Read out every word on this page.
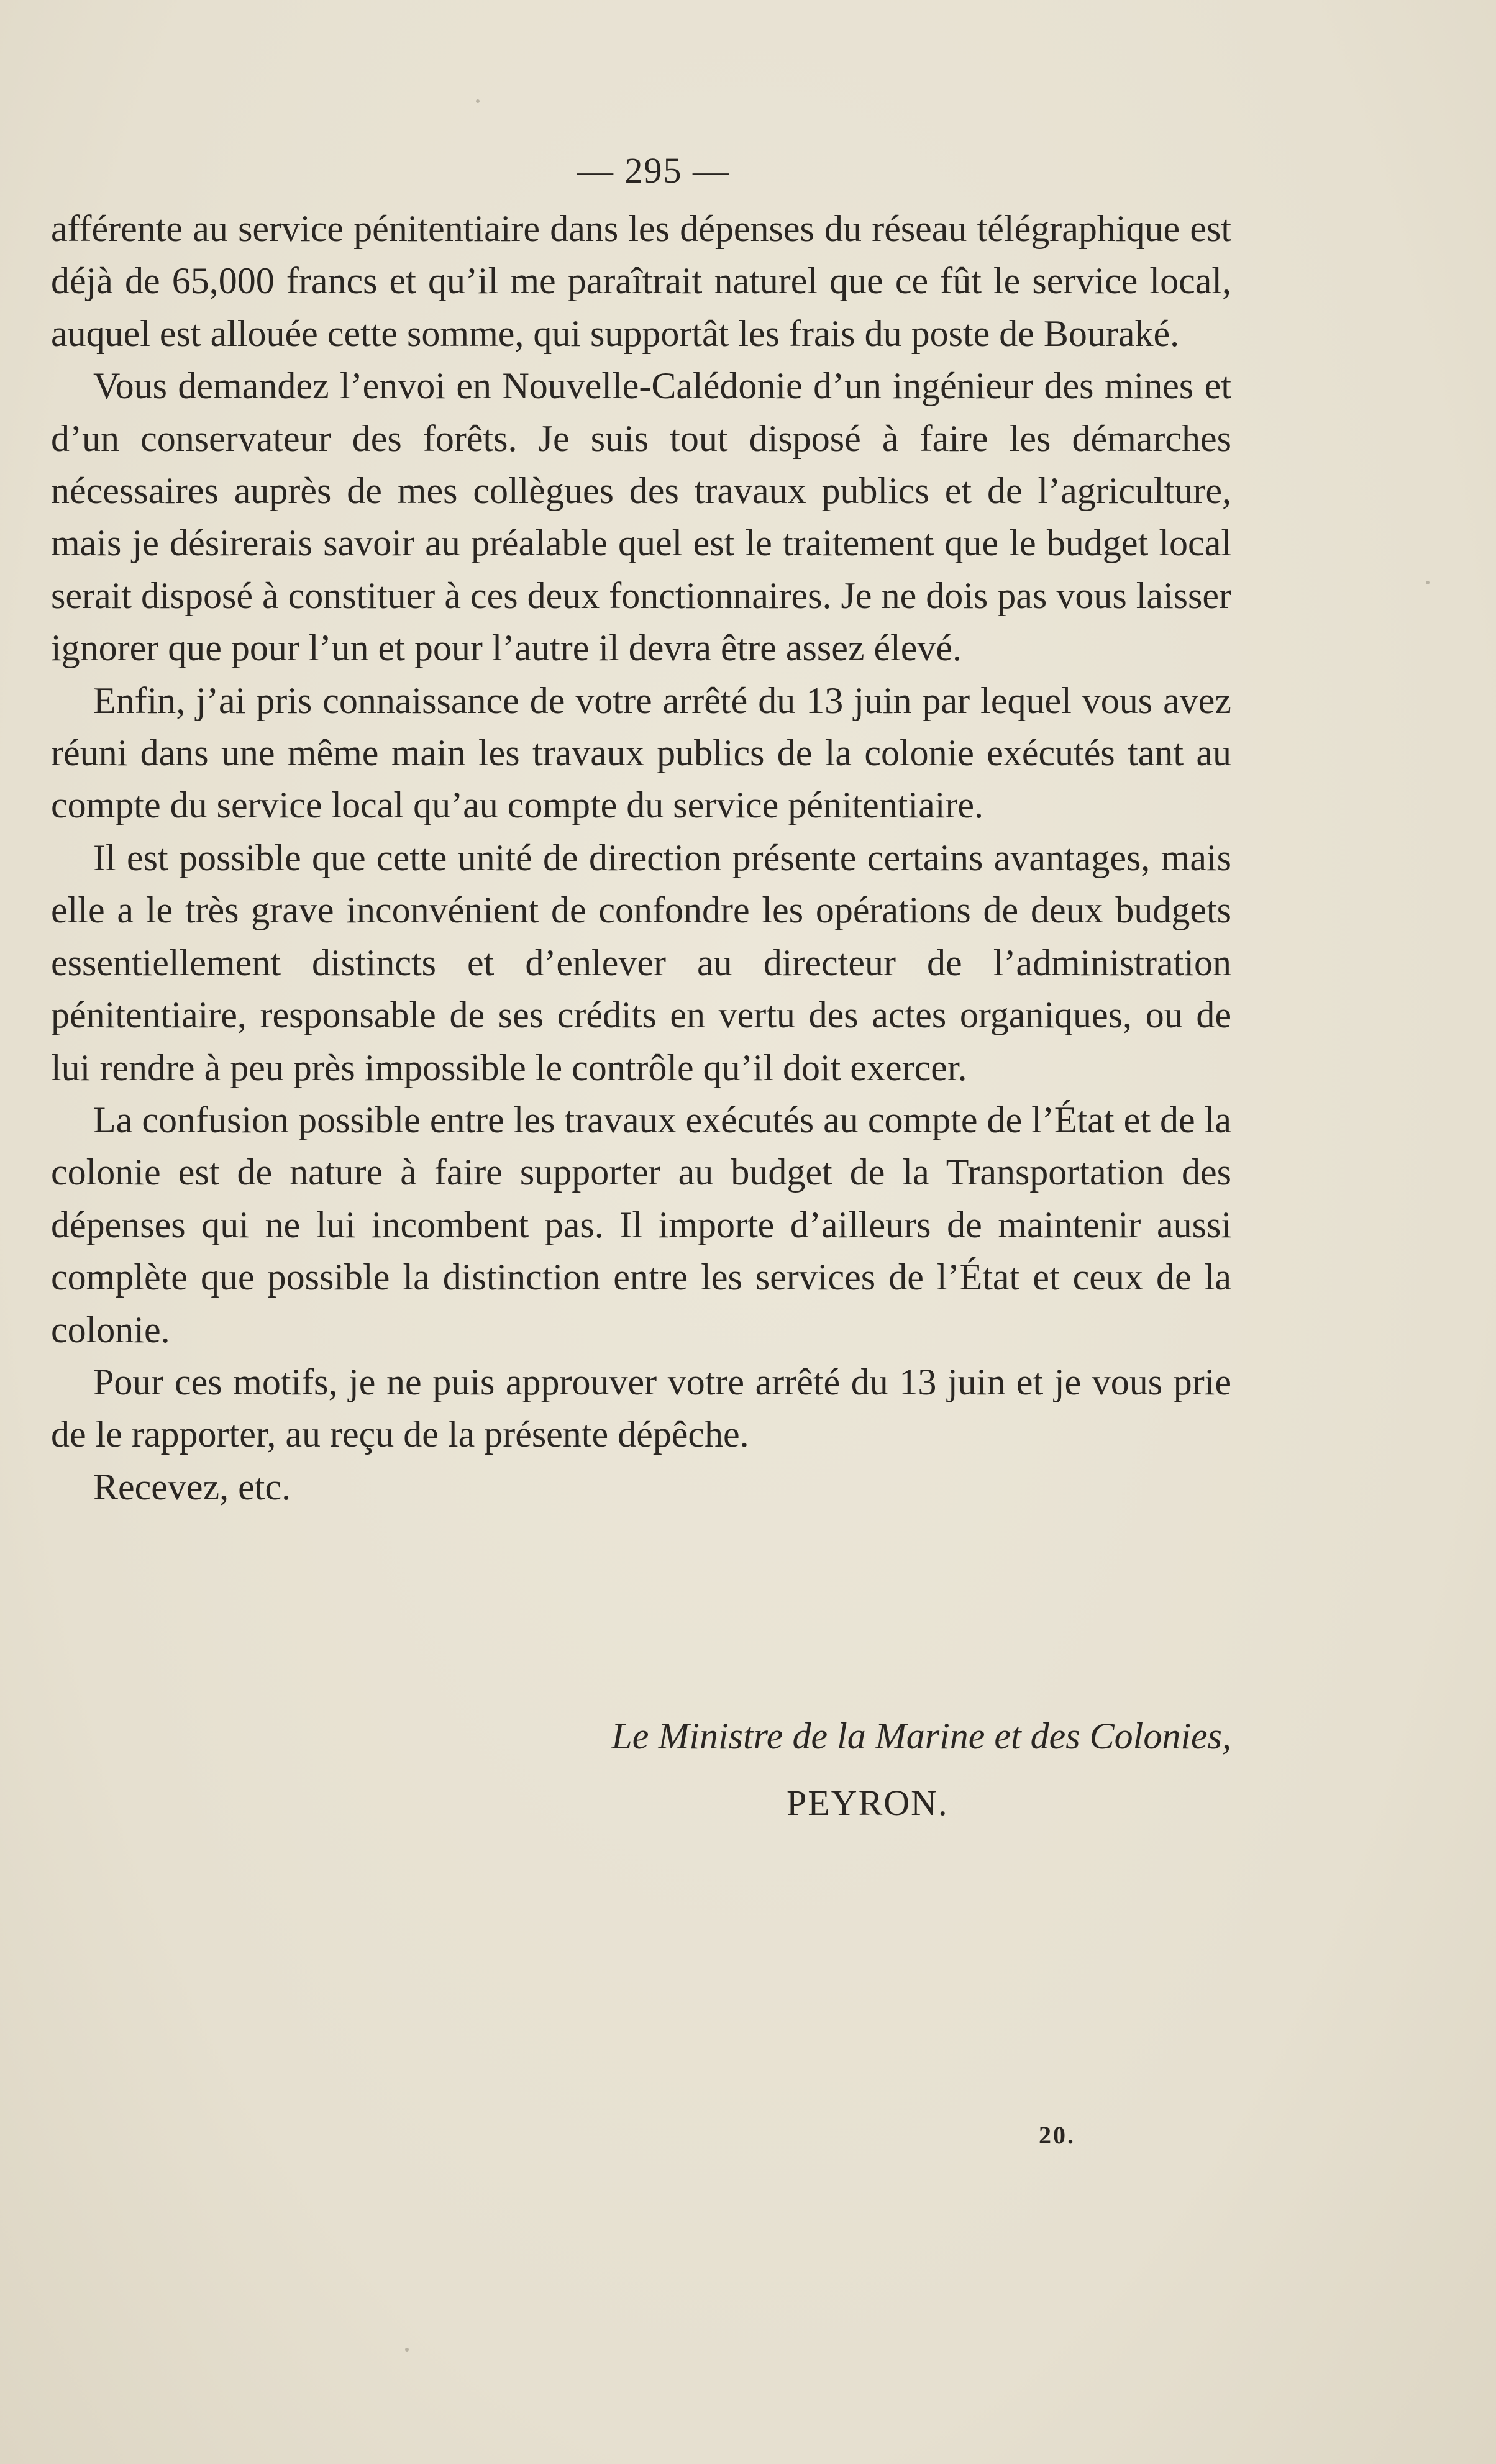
— 295 —

afférente au service pénitentiaire dans les dépenses du réseau télégraphique est déjà de 65,000 francs et qu’il me paraîtrait naturel que ce fût le service local, auquel est allouée cette somme, qui supportât les frais du poste de Bouraké.

Vous demandez l’envoi en Nouvelle-Calédonie d’un ingénieur des mines et d’un conservateur des forêts. Je suis tout disposé à faire les démarches nécessaires auprès de mes collègues des travaux publics et de l’agriculture, mais je désirerais savoir au préalable quel est le traitement que le budget local serait disposé à constituer à ces deux fonctionnaires. Je ne dois pas vous laisser ignorer que pour l’un et pour l’autre il devra être assez élevé.

Enfin, j’ai pris connaissance de votre arrêté du 13 juin par lequel vous avez réuni dans une même main les travaux publics de la colonie exécutés tant au compte du service local qu’au compte du service pénitentiaire.

Il est possible que cette unité de direction présente certains avantages, mais elle a le très grave inconvénient de confondre les opérations de deux budgets essentiellement distincts et d’enlever au directeur de l’administration pénitentiaire, responsable de ses crédits en vertu des actes organiques, ou de lui rendre à peu près impossible le contrôle qu’il doit exercer.

La confusion possible entre les travaux exécutés au compte de l’État et de la colonie est de nature à faire supporter au budget de la Transportation des dépenses qui ne lui incombent pas. Il importe d’ailleurs de maintenir aussi complète que possible la distinction entre les services de l’État et ceux de la colonie.

Pour ces motifs, je ne puis approuver votre arrêté du 13 juin et je vous prie de le rapporter, au reçu de la présente dépêche.

Recevez, etc.

Le Ministre de la Marine et des Colonies,
PEYRON.
20.
